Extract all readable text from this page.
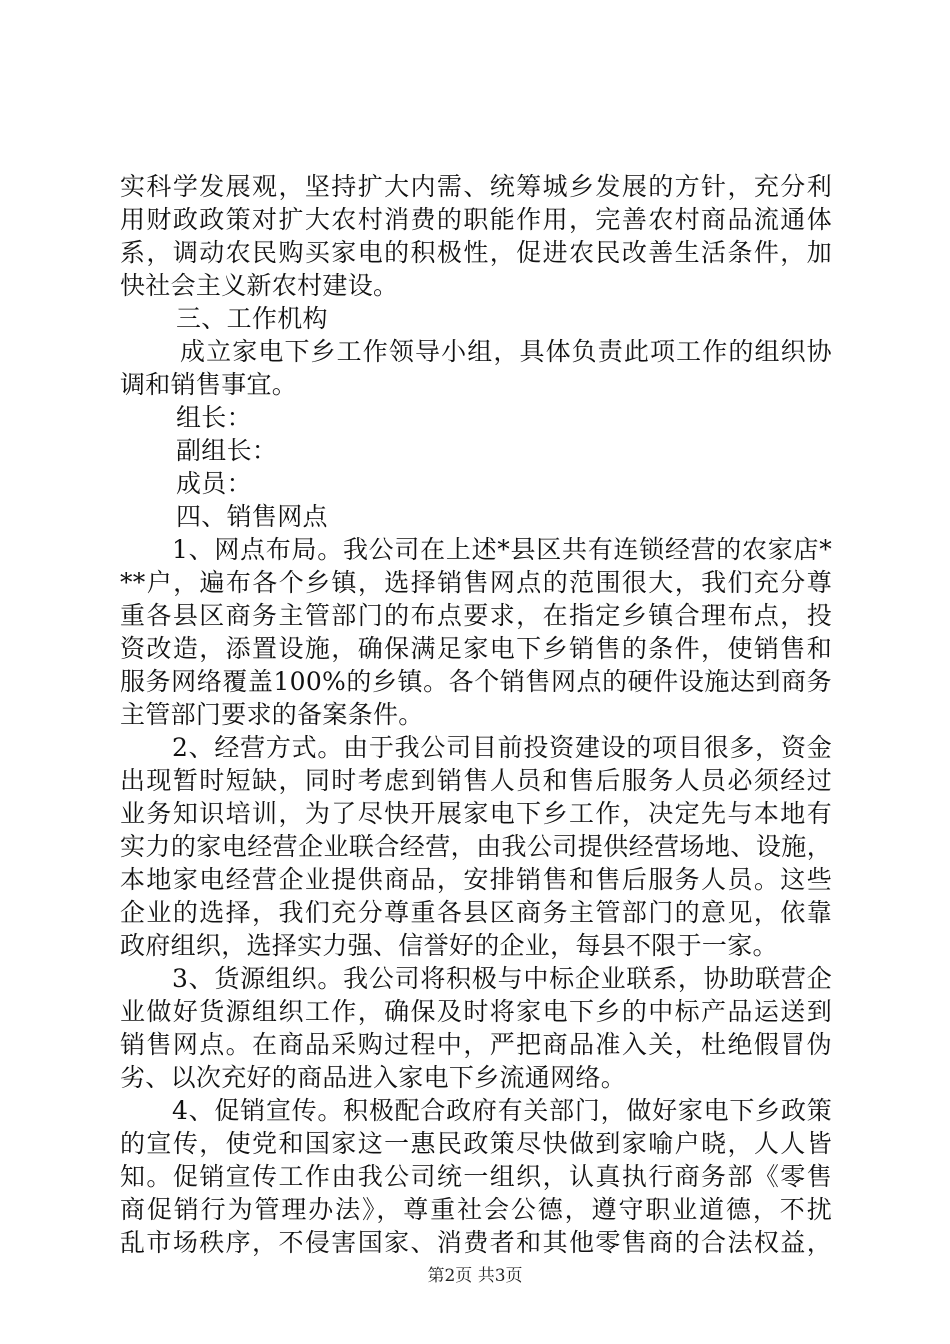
实科学发展观，坚持扩大内需、统筹城乡发展的方针，充分利
用财政政策对扩大农村消费的职能作用，完善农村商品流通体
系，调动农民购买家电的积极性，促进农民改善生活条件，加
快社会主义新农村建设。
三、工作机构
成立家电下乡工作领导小组，具体负责此项工作的组织协
调和销售事宜。
组长：
副组长：
成员：
四、销售网点
1、网点布局。我公司在上述*县区共有连锁经营的农家店*
**户，遍布各个乡镇，选择销售网点的范围很大，我们充分尊
重各县区商务主管部门的布点要求，在指定乡镇合理布点，投
资改造，添置设施，确保满足家电下乡销售的条件，使销售和
服务网络覆盖100%的乡镇。各个销售网点的硬件设施达到商务
主管部门要求的备案条件。
2、经营方式。由于我公司目前投资建设的项目很多，资金
出现暂时短缺，同时考虑到销售人员和售后服务人员必须经过
业务知识培训，为了尽快开展家电下乡工作，决定先与本地有
实力的家电经营企业联合经营，由我公司提供经营场地、设施，
本地家电经营企业提供商品，安排销售和售后服务人员。这些
企业的选择，我们充分尊重各县区商务主管部门的意见，依靠
政府组织，选择实力强、信誉好的企业，每县不限于一家。
3、货源组织。我公司将积极与中标企业联系，协助联营企
业做好货源组织工作，确保及时将家电下乡的中标产品运送到
销售网点。在商品采购过程中，严把商品准入关，杜绝假冒伪
劣、以次充好的商品进入家电下乡流通网络。
4、促销宣传。积极配合政府有关部门，做好家电下乡政策
的宣传，使党和国家这一惠民政策尽快做到家喻户晓，人人皆
知。促销宣传工作由我公司统一组织，认真执行商务部《零售
商促销行为管理办法》，尊重社会公德，遵守职业道德，不扰
乱市场秩序，不侵害国家、消费者和其他零售商的合法权益，
第2页 共3页
